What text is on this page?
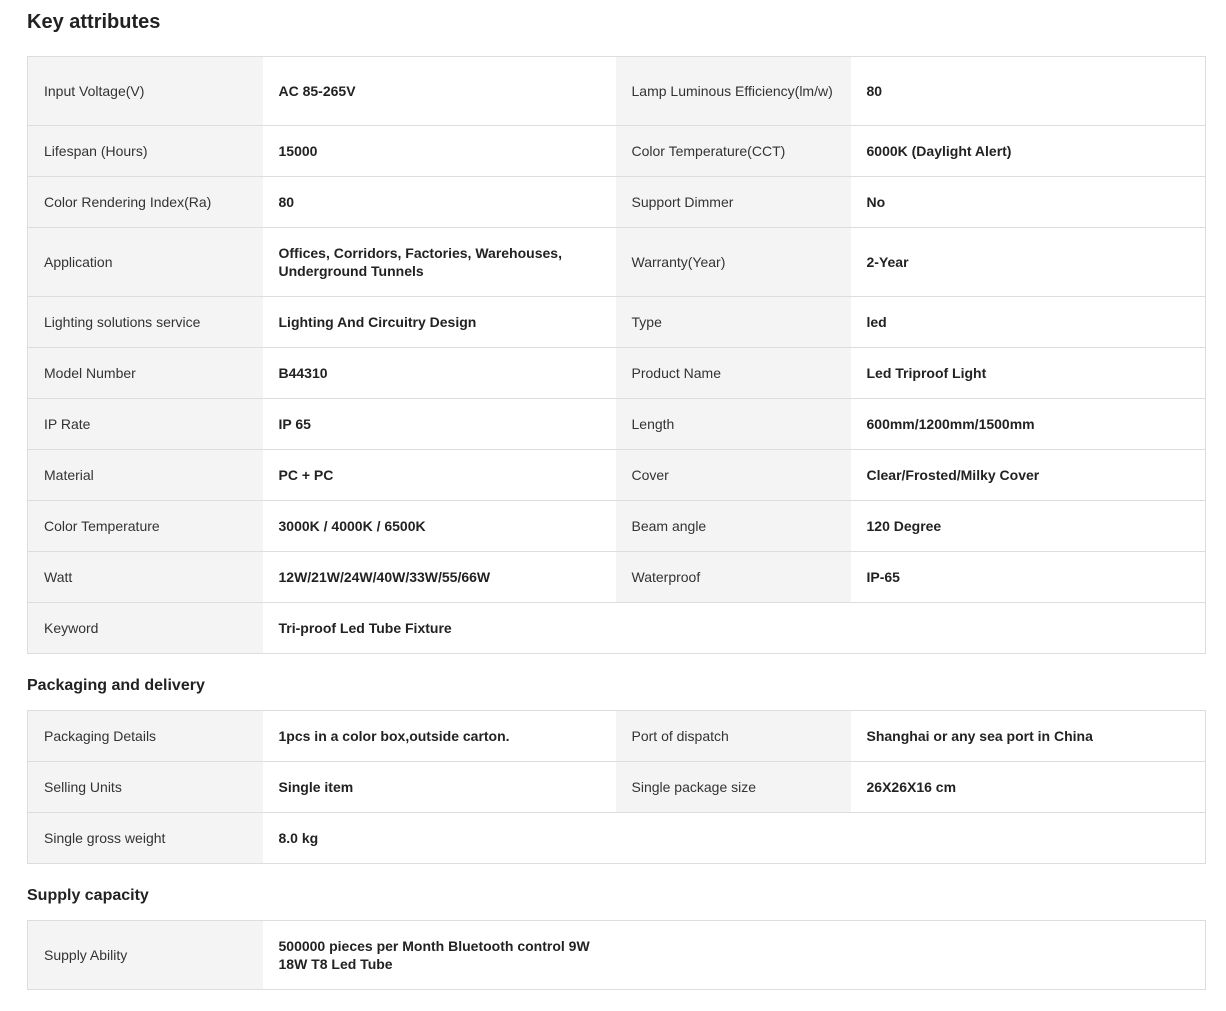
Key attributes
Input Voltage(V)	AC 85-265V	Lamp Luminous Efficiency(lm/w)	80
Lifespan (Hours)	15000	Color Temperature(CCT)	6000K (Daylight Alert)
Color Rendering Index(Ra)	80	Support Dimmer	No
Application	Offices, Corridors, Factories, Warehouses, Underground Tunnels	Warranty(Year)	2-Year
Lighting solutions service	Lighting And Circuitry Design	Type	led
Model Number	B44310	Product Name	Led Triproof Light
IP Rate	IP 65	Length	600mm/1200mm/1500mm
Material	PC + PC	Cover	Clear/Frosted/Milky Cover
Color Temperature	3000K / 4000K / 6500K	Beam angle	120 Degree
Watt	12W/21W/24W/40W/33W/55/66W	Waterproof	IP-65
Keyword	Tri-proof Led Tube Fixture		
Packaging and delivery
Packaging Details	1pcs in a color box,outside carton.	Port of dispatch	Shanghai or any sea port in China
Selling Units	Single item	Single package size	26X26X16 cm
Single gross weight	8.0 kg		
Supply capacity
Supply Ability	500000 pieces per Month Bluetooth control 9W 18W T8 Led Tube		
